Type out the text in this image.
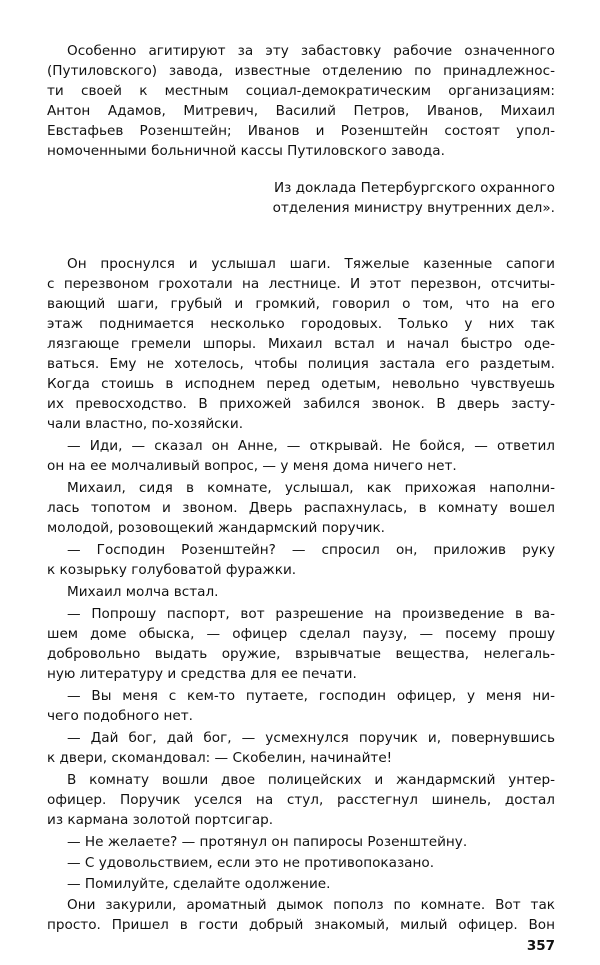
Особенно агитируют за эту забастовку рабочие означенного
(Путиловского) завода, известные отделению по принадлежнос-
ти своей к местным социал-демократическим организациям:
Антон Адамов, Митревич, Василий Петров, Иванов, Михаил
Евстафьев Розенштейн; Иванов и Розенштейн состоят упол-
номоченными больничной кассы Путиловского завода.
Из доклада Петербургского охранного
отделения министру внутренних дел».
Он проснулся и услышал шаги. Тяжелые казенные сапоги
с перезвоном грохотали на лестнице. И этот перезвон, отсчиты-
вающий шаги, грубый и громкий, говорил о том, что на его
этаж поднимается несколько городовых. Только у них так
лязгающе гремели шпоры. Михаил встал и начал быстро оде-
ваться. Ему не хотелось, чтобы полиция застала его раздетым.
Когда стоишь в исподнем перед одетым, невольно чувствуешь
их превосходство. В прихожей забился звонок. В дверь засту-
чали властно, по-хозяйски.
— Иди, — сказал он Анне, — открывай. Не бойся, — ответил
он на ее молчаливый вопрос, — у меня дома ничего нет.
Михаил, сидя в комнате, услышал, как прихожая наполни-
лась топотом и звоном. Дверь распахнулась, в комнату вошел
молодой, розовощекий жандармский поручик.
— Господин Розенштейн? — спросил он, приложив руку
к козырьку голубоватой фуражки.
Михаил молча встал.
— Попрошу паспорт, вот разрешение на произведение в ва-
шем доме обыска, — офицер сделал паузу, — посему прошу
добровольно выдать оружие, взрывчатые вещества, нелегаль-
ную литературу и средства для ее печати.
— Вы меня с кем-то путаете, господин офицер, у меня ни-
чего подобного нет.
— Дай бог, дай бог, — усмехнулся поручик и, повернувшись
к двери, скомандовал: — Скобелин, начинайте!
В комнату вошли двое полицейских и жандармский унтер-
офицер. Поручик уселся на стул, расстегнул шинель, достал
из кармана золотой портсигар.
— Не желаете? — протянул он папиросы Розенштейну.
— С удовольствием, если это не противопоказано.
— Помилуйте, сделайте одолжение.
Они закурили, ароматный дымок пополз по комнате. Вот так
просто. Пришел в гости добрый знакомый, милый офицер. Вон
357
